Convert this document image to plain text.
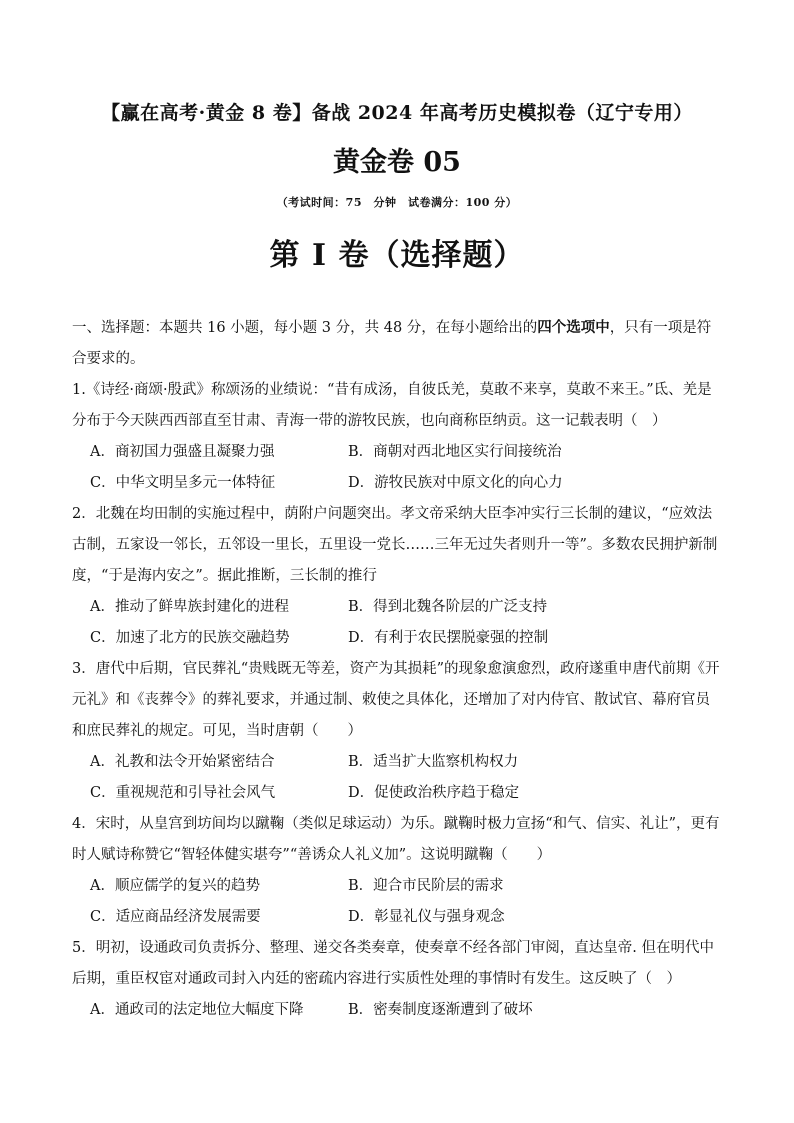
【赢在高考·黄金 8 卷】备战 2024 年高考历史模拟卷（辽宁专用）
黄金卷 05
（考试时间：75　分钟　试卷满分：100 分）
第 I 卷（选择题）

一、选择题：本题共 16 小题，每小题 3 分，共 48 分，在每小题给出的四个选项中，只有一项是符合要求的。

1.《诗经·商颂·殷武》称颂汤的业绩说：“昔有成汤，自彼氐羌，莫敢不来享，莫敢不来王。”氐、羌是分布于今天陕西西部直至甘肃、青海一带的游牧民族，也向商称臣纳贡。这一记载表明（　）

A．商初国力强盛且凝聚力强	B．商朝对西北地区实行间接统治
C．中华文明呈多元一体特征	D．游牧民族对中原文化的向心力

2．北魏在均田制的实施过程中，荫附户问题突出。孝文帝采纳大臣李冲实行三长制的建议，“应效法古制，五家设一邻长，五邻设一里长，五里设一党长……三年无过失者则升一等”。多数农民拥护新制度，“于是海内安之”。据此推断，三长制的推行

A．推动了鲜卑族封建化的进程	B．得到北魏各阶层的广泛支持
C．加速了北方的民族交融趋势	D．有利于农民摆脱豪强的控制

3．唐代中后期，官民葬礼“贵贱既无等差，资产为其损耗”的现象愈演愈烈，政府遂重申唐代前期《开元礼》和《丧葬令》的葬礼要求，并通过制、敕使之具体化，还增加了对内侍官、散试官、幕府官员和庶民葬礼的规定。可见，当时唐朝（　　）

A．礼教和法令开始紧密结合	B．适当扩大监察机构权力
C．重视规范和引导社会风气	D．促使政治秩序趋于稳定

4．宋时，从皇宫到坊间均以蹴鞠（类似足球运动）为乐。蹴鞠时极力宣扬“和气、信实、礼让”，更有时人赋诗称赞它“智轻体健实堪夸”“善诱众人礼义加”。这说明蹴鞠（　　）

A．顺应儒学的复兴的趋势	B．迎合市民阶层的需求
C．适应商品经济发展需要	D．彰显礼仪与强身观念

5．明初，设通政司负责拆分、整理、递交各类奏章，使奏章不经各部门审阅，直达皇帝. 但在明代中后期，重臣权宦对通政司封入内廷的密疏内容进行实质性处理的事情时有发生。这反映了（　）

A．通政司的法定地位大幅度下降	B．密奏制度逐渐遭到了破坏
